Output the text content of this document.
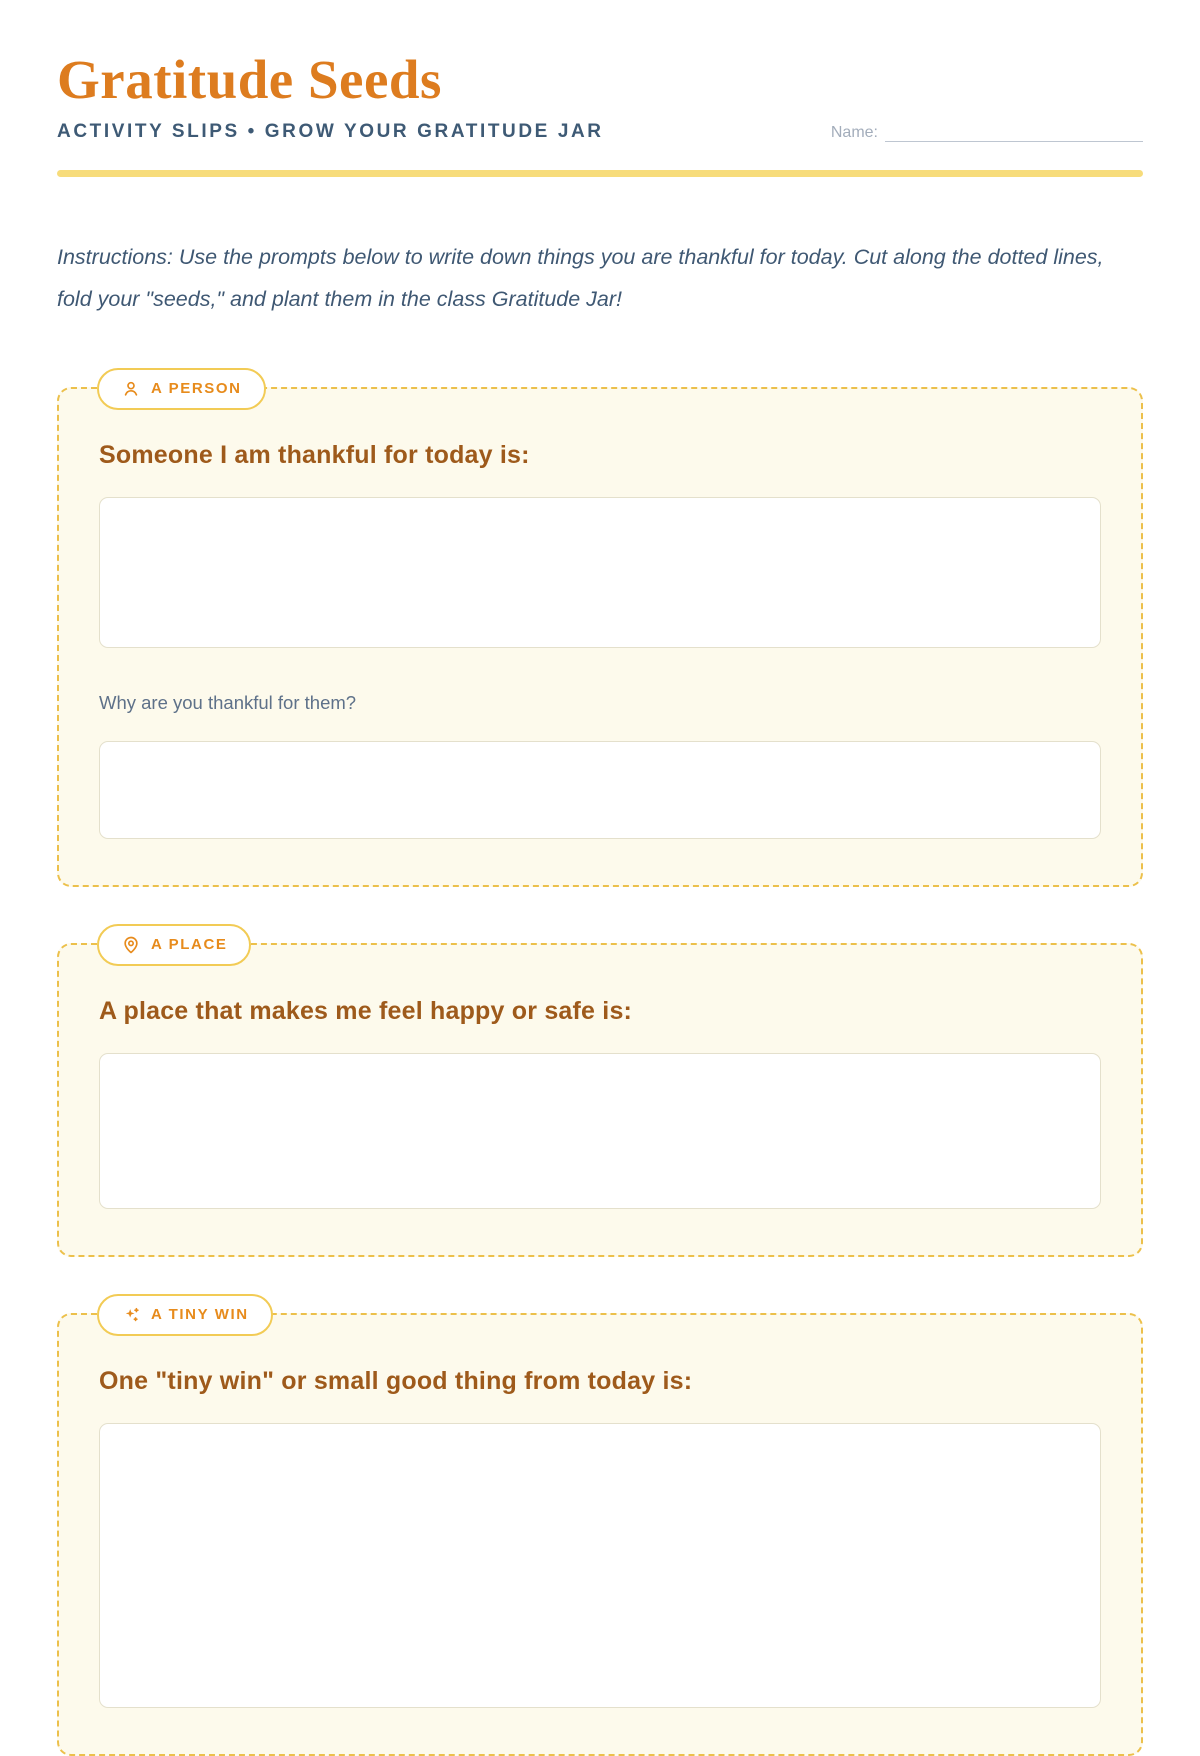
Gratitude Seeds
ACTIVITY SLIPS • GROW YOUR GRATITUDE JAR	Name:

Instructions: Use the prompts below to write down things you are thankful for today. Cut along the dotted lines, fold your "seeds," and plant them in the class Gratitude Jar!

A PERSON
Someone I am thankful for today is:
Why are you thankful for them?
A PLACE
A place that makes me feel happy or safe is:
A TINY WIN
One "tiny win" or small good thing from today is:
